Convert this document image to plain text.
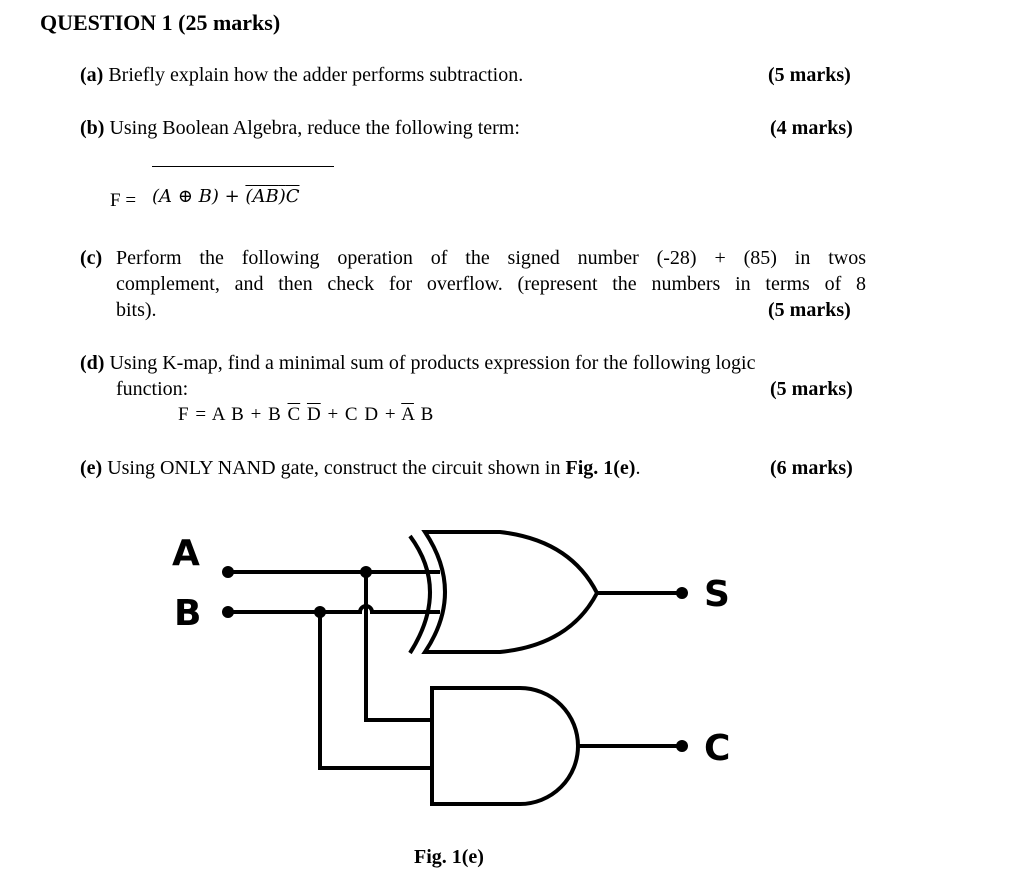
QUESTION 1 (25 marks)
(a) Briefly explain how the adder performs subtraction.	(5 marks)
(b) Using Boolean Algebra, reduce the following term:	(4 marks)
F = (A ⊕ $B) + (AB)\overline{C}$
(c) Perform the following operation of the signed number (-28) + (85) in twos
complement, and then check for overflow. (represent the numbers in terms of 8
bits).	(5 marks)
(d) Using K-map, find a minimal sum of products expression for the following logic
function:	(5 marks)
F = A B + B $\overline{C}$ $\overline{D} + C$ $D + \overline{A}$ B
(e) Using ONLY NAND gate, construct the circuit shown in Fig. 1(e).	(6 marks)
A
B	S
C
Fig. 1(e)
